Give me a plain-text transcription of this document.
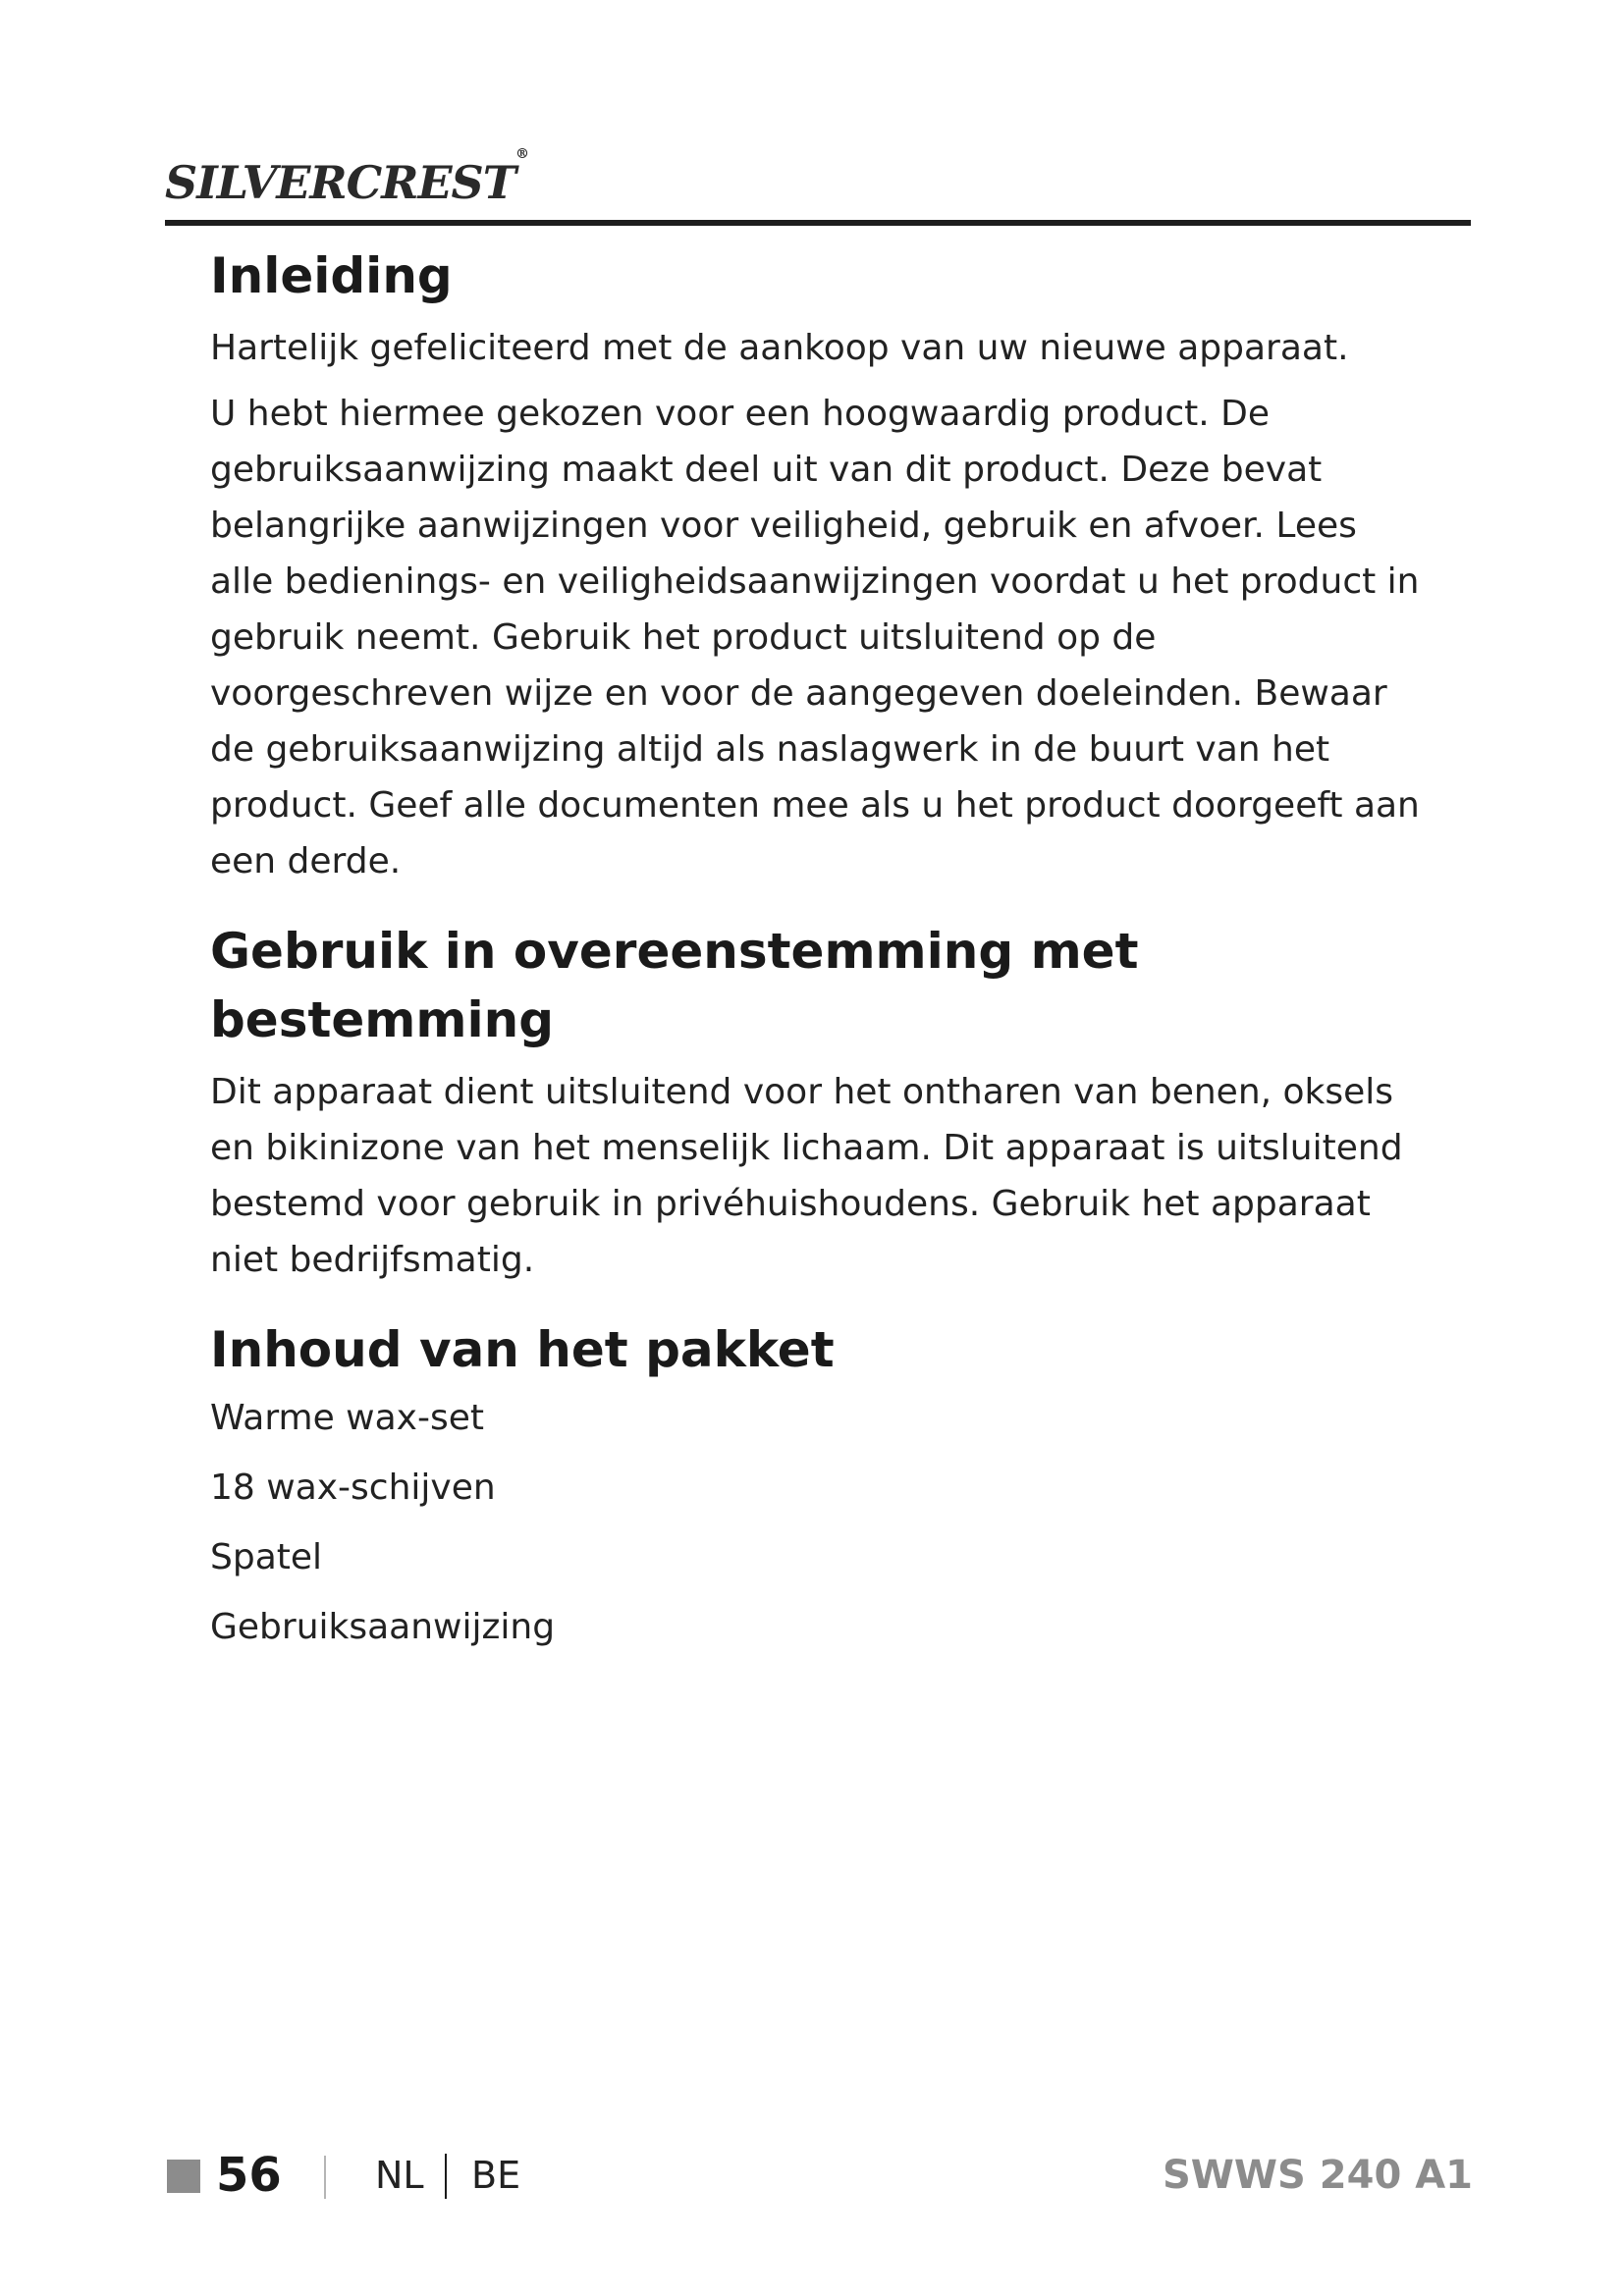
SILVERCREST®
Inleiding

Hartelijk gefeliciteerd met de aankoop van uw nieuwe apparaat.

U hebt hiermee gekozen voor een hoogwaardig product. De gebruiksaanwijzing maakt deel uit van dit product. Deze bevat belangrijke aanwijzingen voor veiligheid, gebruik en afvoer. Lees alle bedienings- en veiligheidsaanwijzingen voordat u het product in gebruik neemt. Gebruik het product uitsluitend op de voorgeschreven wijze en voor de aangegeven doeleinden. Bewaar de gebruiksaanwijzing altijd als naslagwerk in de buurt van het product. Geef alle documenten mee als u het product doorgeeft aan een derde.

Gebruik in overeenstemming met bestemming

Dit apparaat dient uitsluitend voor het ontharen van benen, oksels en bikinizone van het menselijk lichaam. Dit apparaat is uitsluitend bestemd voor gebruik in privéhuishoudens. Gebruik het apparaat niet bedrijfsmatig.

Inhoud van het pakket

Warme wax-set

18 wax-schijven

Spatel

Gebruiksaanwijzing

56	NL BE	SWWS 240 A1
